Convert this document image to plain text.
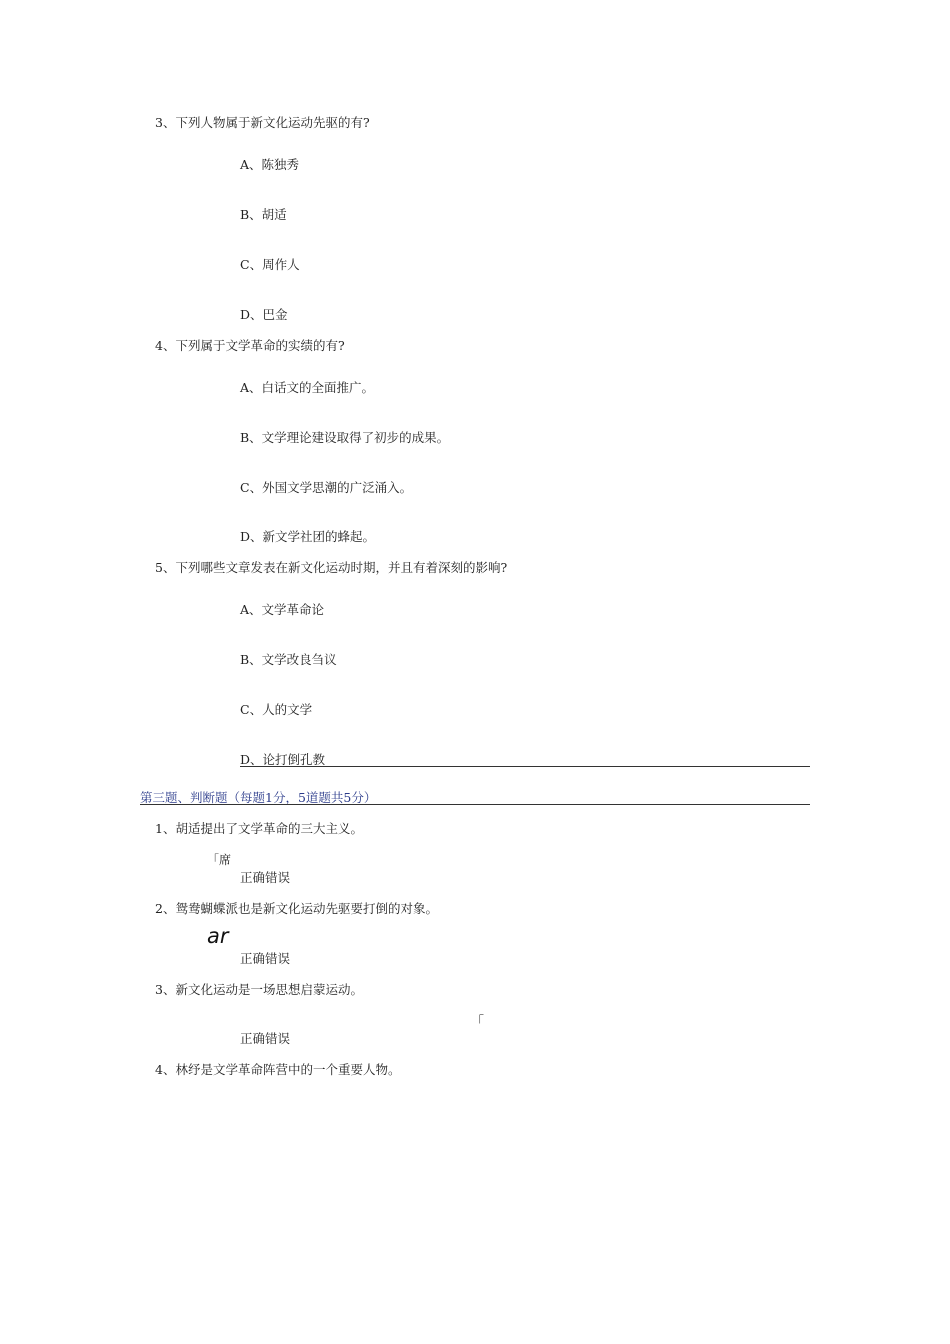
3、下列人物属于新文化运动先驱的有?
A、陈独秀
B、胡适
C、周作人
D、巴金
4、下列属于文学革命的实绩的有?
A、白话文的全面推广。
B、文学理论建设取得了初步的成果。
C、外国文学思潮的广泛涌入。
D、新文学社团的蜂起。
5、下列哪些文章发表在新文化运动时期，并且有着深刻的影响?
A、文学革命论
B、文学改良刍议
C、人的文学
D、论打倒孔教
第三题、判断题（每题1分，5道题共5分）
1、胡适提出了文学革命的三大主义。
「席
正确错误
2、鸳鸯蝴蝶派也是新文化运动先驱要打倒的对象。
ar
正确错误
3、新文化运动是一场思想启蒙运动。
「
正确错误
4、林纾是文学革命阵营中的一个重要人物。
